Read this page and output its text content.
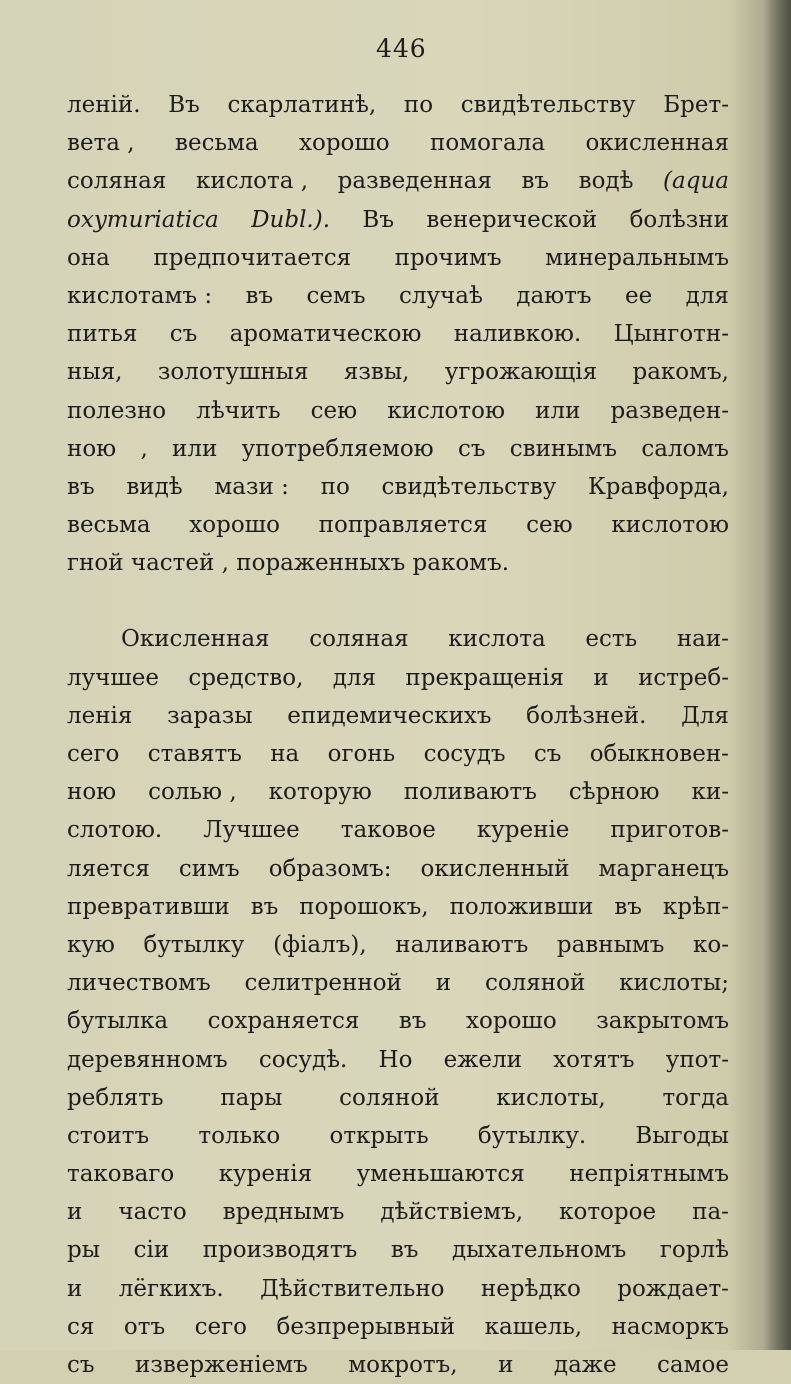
446
леній. Въ скарлатинѣ, по свидѣтельству Брет-
вета , весьма хорошо помогала окисленная
соляная кислота , разведенная въ водѣ (aqua
oxymuriatica Dubl.). Въ венерической болѣзни
она предпочитается прочимъ минеральнымъ
кислотамъ : въ семъ случаѣ даютъ ее для
питья съ ароматическою наливкою. Цынготн-
ныя, золотушныя язвы, угрожающія ракомъ,
полезно лѣчить сею кислотою или разведен-
ною , или употребляемою съ свинымъ саломъ
въ видѣ мази : по свидѣтельству Кравфорда,
весьма хорошо поправляется сею кислотою
гной частей , пораженныхъ ракомъ.
Окисленная соляная кислота есть наи-
лучшее средство, для прекращенія и истреб-
ленія заразы епидемическихъ болѣзней. Для
сего ставятъ на огонь сосудъ съ обыкновен-
ною солью , которую поливаютъ сѣрною ки-
слотою. Лучшее таковое куреніе приготов-
ляется симъ образомъ: окисленный марганецъ
превративши въ порошокъ, положивши въ крѣп-
кую бутылку (фіалъ), наливаютъ равнымъ ко-
личествомъ селитренной и соляной кислоты;
бутылка сохраняется въ хорошо закрытомъ
деревянномъ сосудѣ. Но ежели хотятъ упот-
реблять пары соляной кислоты, тогда
стоитъ только открыть бутылку. Выгоды
таковаго куренія уменьшаются непріятнымъ
и часто вреднымъ дѣйствіемъ, которое па-
ры сіи производятъ въ дыхательномъ горлѣ
и лёгкихъ. Дѣйствительно нерѣдко рождает-
ся отъ сего безпрерывный кашель, насморкъ
съ изверженіемъ мокротъ, и даже самое
